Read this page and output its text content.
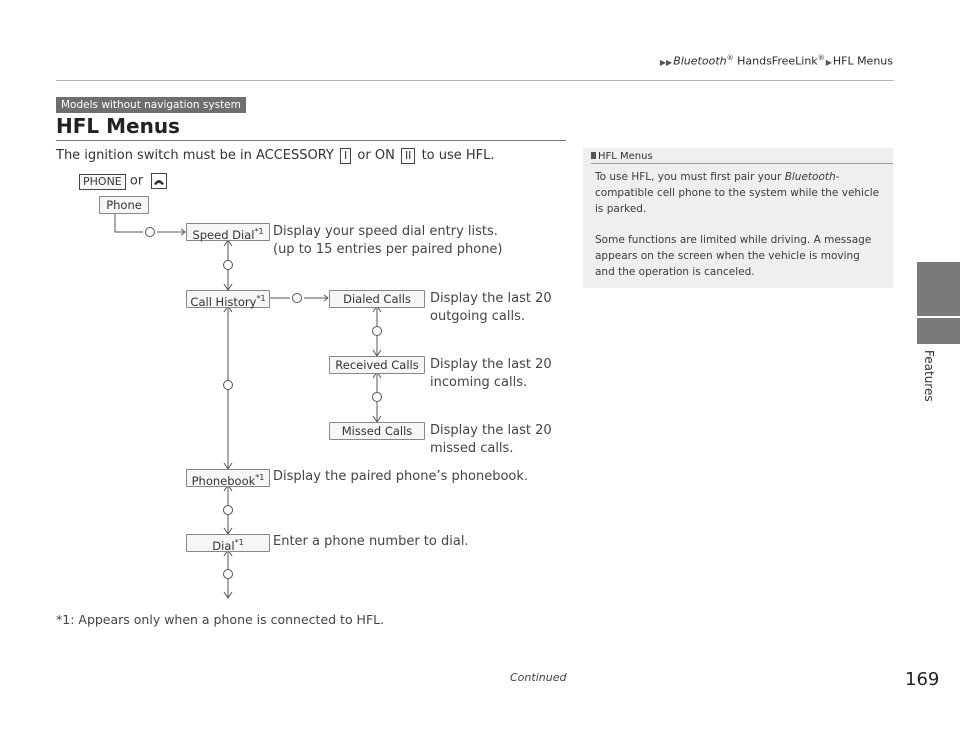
▶▶Bluetooth® HandsFreeLink®▶HFL Menus
Features
Models without navigation system
HFL Menus
The ignition switch must be in ACCESSORY I or ON II to use HFL.
PHONE or
Phone
Speed Dial$^{*1}$
Call History$^{*1}$	Dialed Calls
Received Calls
Missed Calls
Phonebook$^{*1}$
Dial$^{*1}$
Display your speed dial entry lists.
(up to 15 entries per paired phone)
Display the last 20
outgoing calls.
Display the last 20
incoming calls.
Display the last 20
missed calls.
Display the paired phone’s phonebook.
Enter a phone number to dial.
HFL Menus

To use HFL, you must first pair your Bluetooth-
compatible cell phone to the system while the vehicle
is parked.

Some functions are limited while driving. A message
appears on the screen when the vehicle is moving
and the operation is canceled.

*1: Appears only when a phone is connected to HFL.
Continued	169
